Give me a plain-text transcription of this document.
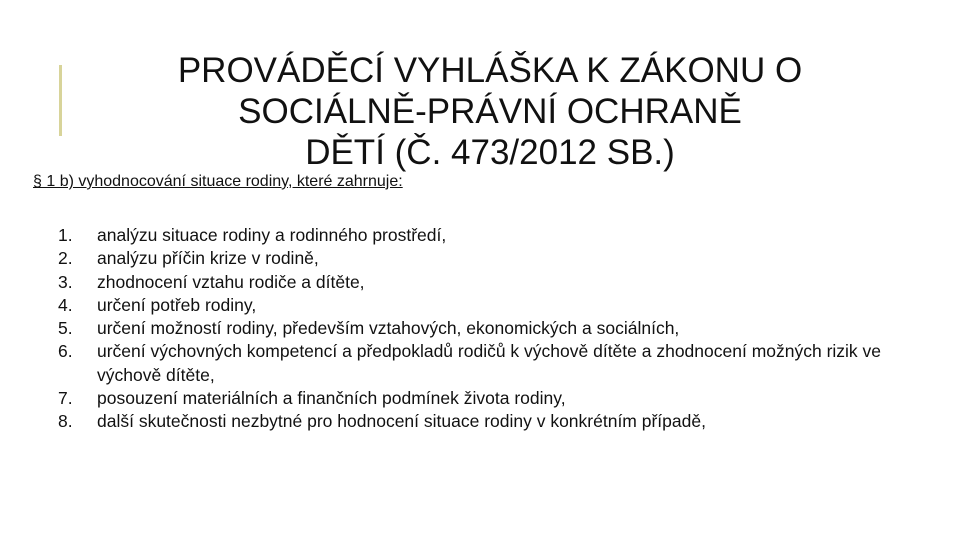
PROVÁDĚCÍ VYHLÁŠKA K ZÁKONU O
SOCIÁLNĚ-PRÁVNÍ OCHRANĚ
DĚTÍ (Č. 473/2012 SB.)

§ 1 b) vyhodnocování situace rodiny, které zahrnuje:

1. analýzu situace rodiny a rodinného prostředí,
2. analýzu příčin krize v rodině,
3. zhodnocení vztahu rodiče a dítěte,
4. určení potřeb rodiny,
5. určení možností rodiny, především vztahových, ekonomických a sociálních,
6. určení výchovných kompetencí a předpokladů rodičů k výchově dítěte a zhodnocení možných rizik ve výchově dítěte,
7. posouzení materiálních a finančních podmínek života rodiny,
8. další skutečnosti nezbytné pro hodnocení situace rodiny v konkrétním případě,
